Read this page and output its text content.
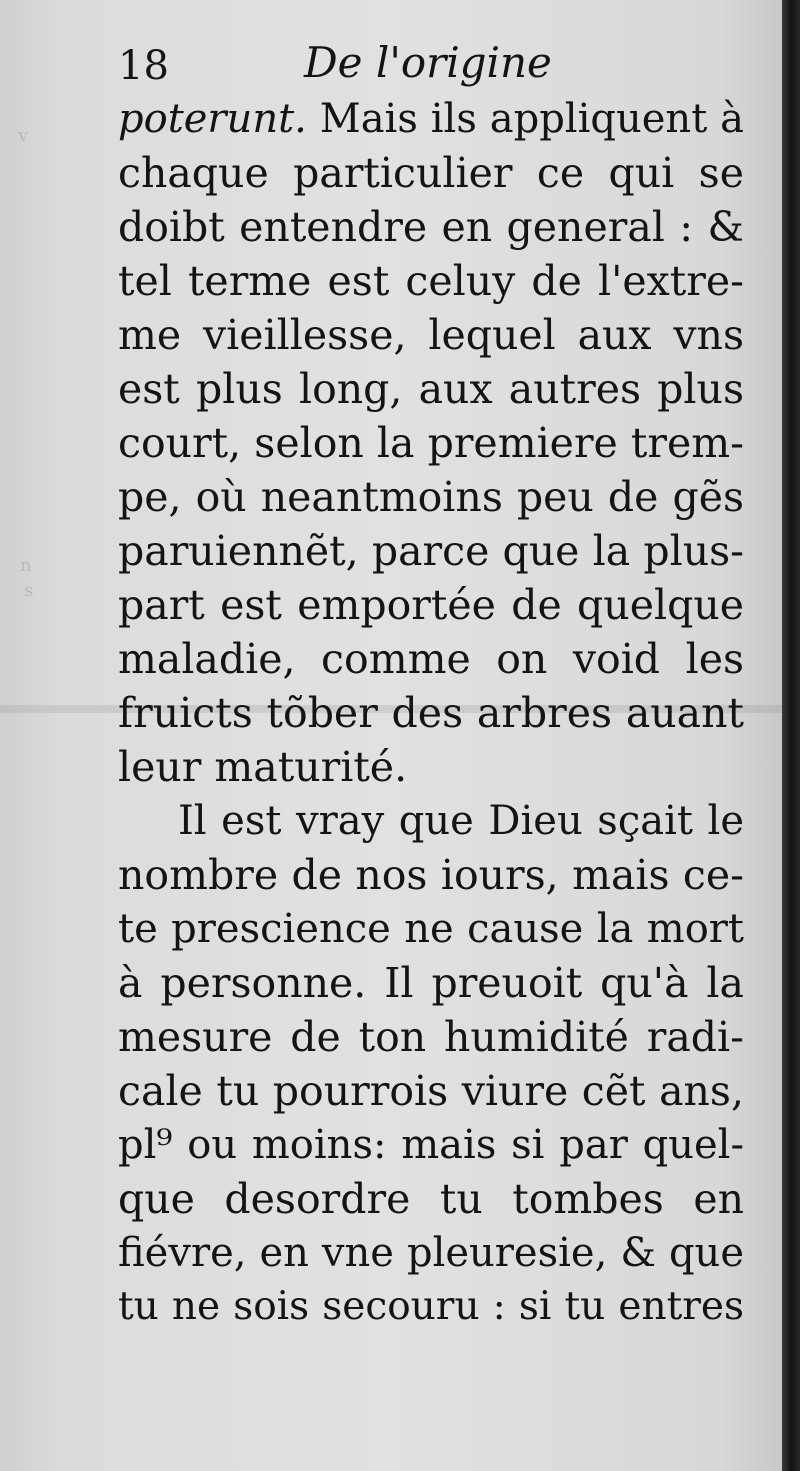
18	De l'origine
poterunt. Mais ils appliquent à
chaque particulier ce qui se
doibt entendre en general : &
tel terme est celuy de l'extre-
me vieillesse, lequel aux vns
est plus long, aux autres plus
court, selon la premiere trem-
pe, où neantmoins peu de gẽs
paruiennẽt, parce que la plus-
part est emportée de quelque
maladie, comme on void les
fruicts tõber des arbres auant
leur maturité.
Il est vray que Dieu sçait le
nombre de nos iours, mais ce-
te prescience ne cause la mort
à personne. Il preuoit qu'à la
mesure de ton humidité radi-
cale tu pourrois viure cẽt ans,
pl⁹ ou moins: mais si par quel-
que desordre tu tombes en
fiévre, en vne pleuresie, & que
tu ne sois secouru : si tu entres
